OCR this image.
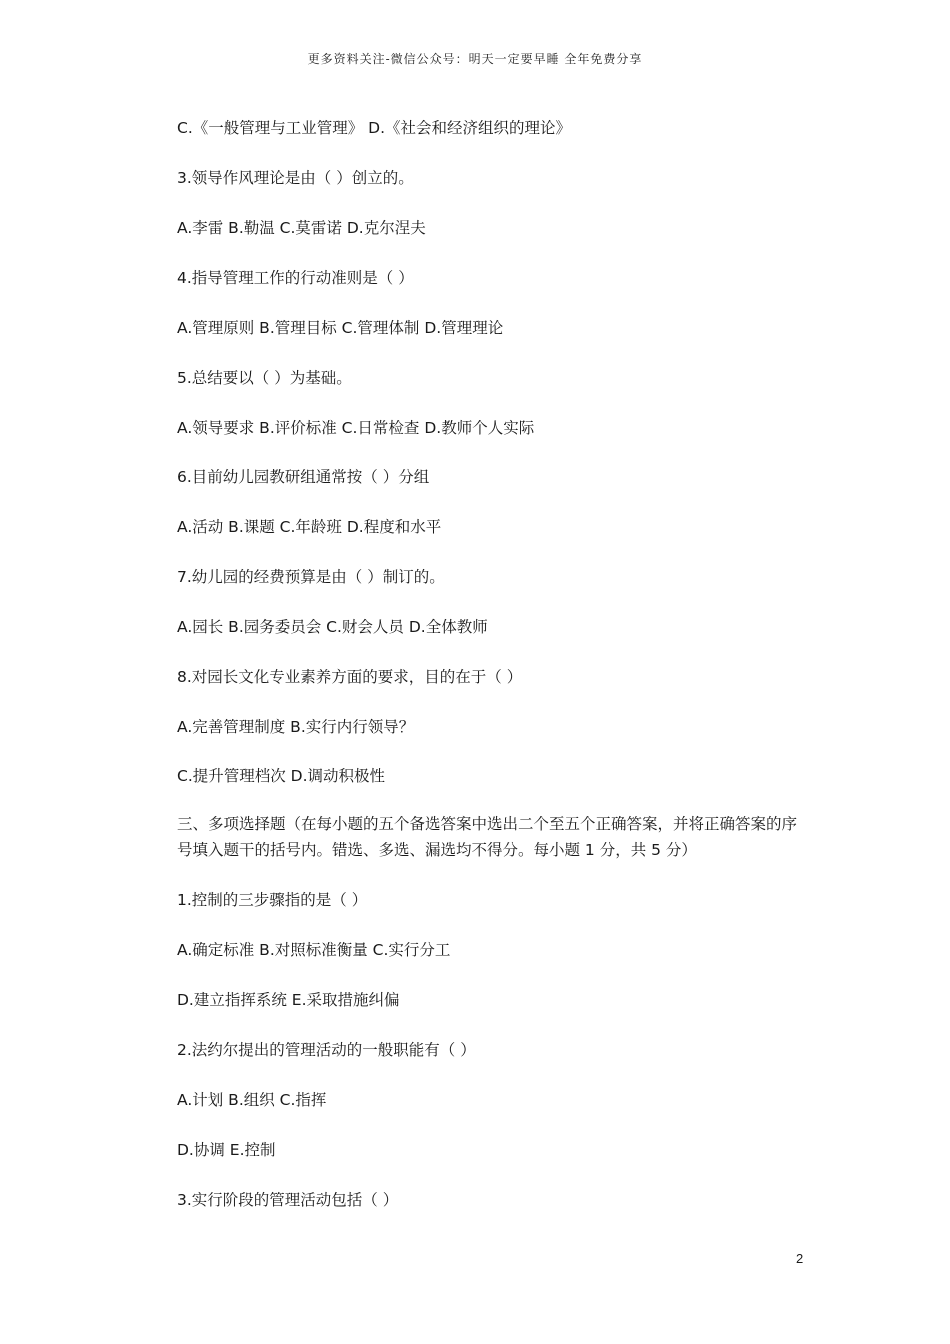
更多资料关注-微信公众号：明天一定要早睡 全年免费分享
C.《一般管理与工业管理》 D.《社会和经济组织的理论》
3.领导作风理论是由（ ）创立的。
A.李雷 B.勒温 C.莫雷诺 D.克尔涅夫
4.指导管理工作的行动准则是（ ）
A.管理原则 B.管理目标 C.管理体制 D.管理理论
5.总结要以（ ）为基础。
A.领导要求 B.评价标准 C.日常检查 D.教师个人实际
6.目前幼儿园教研组通常按（ ）分组
A.活动 B.课题 C.年龄班 D.程度和水平
7.幼儿园的经费预算是由（ ）制订的。
A.园长 B.园务委员会 C.财会人员 D.全体教师
8.对园长文化专业素养方面的要求，目的在于（ ）
A.完善管理制度 B.实行内行领导？
C.提升管理档次 D.调动积极性
1.控制的三步骤指的是（ ）
A.确定标准 B.对照标准衡量 C.实行分工
D.建立指挥系统 E.采取措施纠偏
2.法约尔提出的管理活动的一般职能有（ ）
A.计划 B.组织 C.指挥
D.协调 E.控制
3.实行阶段的管理活动包括（ ）
三、多项选择题（在每小题的五个备选答案中选出二个至五个正确答案，并将正确答案的序号填入题干的括号内。错选、多选、漏选均不得分。每小题 1 分，共 5 分）
2
